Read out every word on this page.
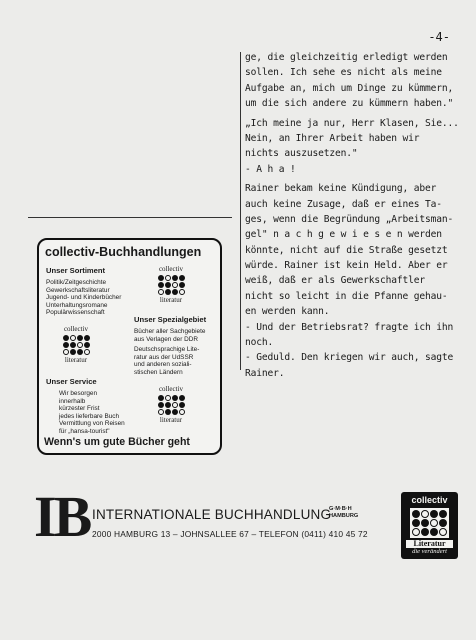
-4-
ge, die gleichzeitig erledigt werden
sollen. Ich sehe es nicht als meine
Aufgabe an, mich um Dinge zu kümmern,
um die sich andere zu kümmern haben."
„Ich meine ja nur, Herr Klasen, Sie...
Nein, an Ihrer Arbeit haben wir
nichts auszusetzen."
- A h a !
Rainer bekam keine Kündigung, aber
auch keine Zusage, daß er eines Ta-
ges, wenn die Begründung „Arbeitsman-
gel" n a c h g e w i e s e n werden
könnte, nicht auf die Straße gesetzt
würde. Rainer ist kein Held. Aber er
weiß, daß er als Gewerkschaftler
nicht so leicht in die Pfanne gehau-
en werden kann.
- Und der Betriebsrat? fragte ich ihn
noch.
- Geduld. Den kriegen wir auch, sagte
Rainer.
collectiv-Buchhandlungen
Unser Sortiment
Politik/Zeitgeschichte
Gewerkschaftsliteratur
Jugend- und Kinderbücher
Unterhaltungsromane
Populärwissenschaft
collectiv
literatur
collectiv
literatur
Unser Spezialgebiet
Bücher aller Sachgebiete
aus Verlagen der DDR
Deutschsprachige Lite-
ratur aus der UdSSR
und anderen soziali-
stischen Ländern
Unser Service
Wir besorgen
innerhalb
kürzester Frist
jedes lieferbare Buch
Vermittlung von Reisen
für „hansa-tourist"
collectiv
literatur
Wenn's um gute Bücher geht
IB INTERNATIONALE BUCHHANDLUNG
G·M·B·H
HAMBURG
2000 HAMBURG 13 – JOHNSALLEE 67 – TELEFON (0411) 410 45 72
collectiv
Literatur
die verändert
